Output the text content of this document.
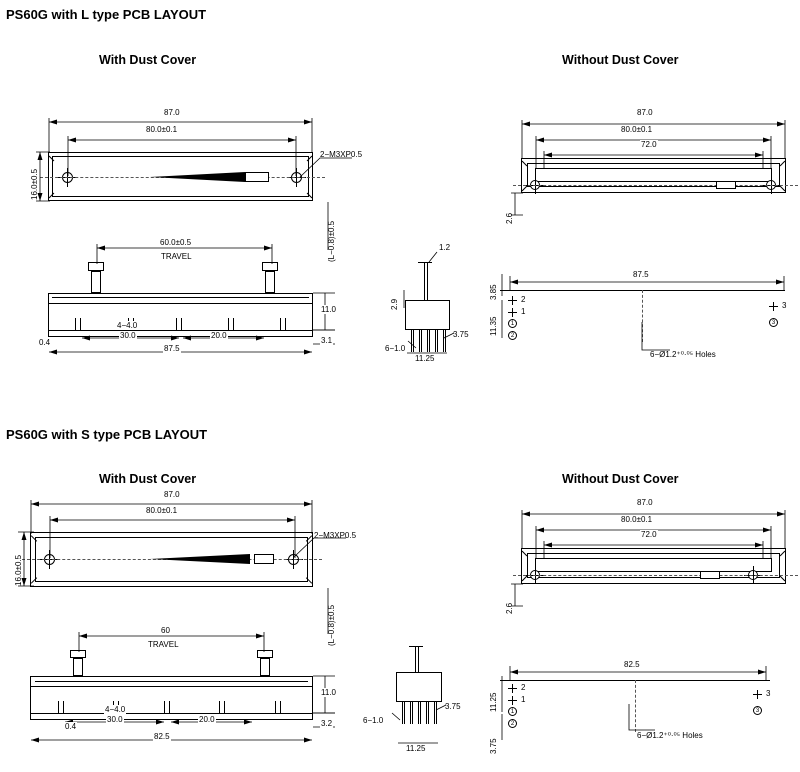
PS60G with L type PCB LAYOUT
With Dust Cover	Without Dust Cover
2−M3XP0.5
87.0
80.0±0.1
16.0±0.5
(L−0.8)±0.5
87.0
80.0±0.1
72.0
2.6
60.0±0.5
TRAVEL
4−4.0
30.0	20.0
0.4
87.5
11.0
3.1
1.2
2.9
3.75
6−1.0
11.25
1
2
2
1
3
3
87.5
11.35
3.85
6−Ø1.2⁺⁰·⁰⁵ Holes
PS60G with S type PCB LAYOUT
With Dust Cover	Without Dust Cover
2−M3XP0.5
87.0
80.0±0.1
16.0±0.5
(L−0.8)±0.5
87.0
80.0±0.1
72.0
2.6
60
TRAVEL
4−4.0
30.0	20.0
0.4
82.5
11.0
3.2
3.75
6−1.0
11.25
1
2
2
1
3
3
82.5
11.25
3.75
6−Ø1.2⁺⁰·⁰⁵ Holes
